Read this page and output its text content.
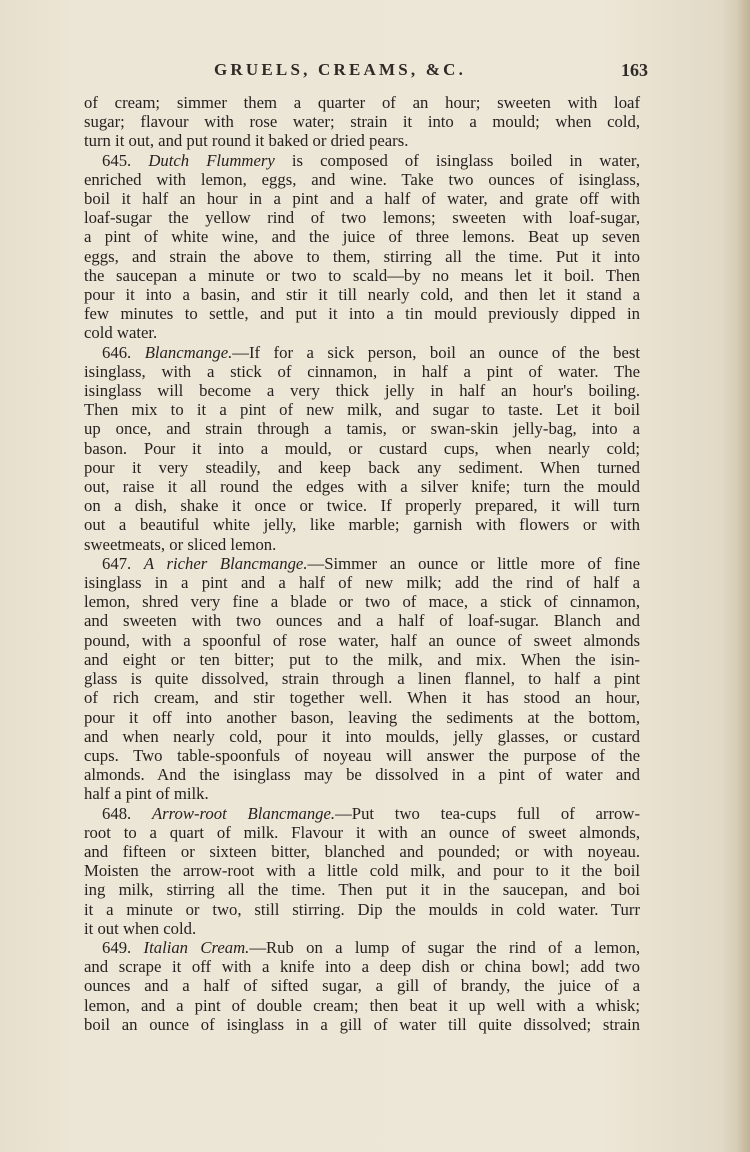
GRUELS, CREAMS, &C.	163
of cream; simmer them a quarter of an hour; sweeten with loaf
sugar; flavour with rose water; strain it into a mould; when cold,
turn it out, and put round it baked or dried pears.
645. Dutch Flummery is composed of isinglass boiled in water,
enriched with lemon, eggs, and wine. Take two ounces of isinglass,
boil it half an hour in a pint and a half of water, and grate off with
loaf-sugar the yellow rind of two lemons; sweeten with loaf-sugar,
a pint of white wine, and the juice of three lemons. Beat up seven
eggs, and strain the above to them, stirring all the time. Put it into
the saucepan a minute or two to scald—by no means let it boil. Then
pour it into a basin, and stir it till nearly cold, and then let it stand a
few minutes to settle, and put it into a tin mould previously dipped in
cold water.
646. Blancmange.—If for a sick person, boil an ounce of the best
isinglass, with a stick of cinnamon, in half a pint of water. The
isinglass will become a very thick jelly in half an hour's boiling.
Then mix to it a pint of new milk, and sugar to taste. Let it boil
up once, and strain through a tamis, or swan-skin jelly-bag, into a
bason. Pour it into a mould, or custard cups, when nearly cold;
pour it very steadily, and keep back any sediment. When turned
out, raise it all round the edges with a silver knife; turn the mould
on a dish, shake it once or twice. If properly prepared, it will turn
out a beautiful white jelly, like marble; garnish with flowers or with
sweetmeats, or sliced lemon.
647. A richer Blancmange.—Simmer an ounce or little more of fine
isinglass in a pint and a half of new milk; add the rind of half a
lemon, shred very fine a blade or two of mace, a stick of cinnamon,
and sweeten with two ounces and a half of loaf-sugar. Blanch and
pound, with a spoonful of rose water, half an ounce of sweet almonds
and eight or ten bitter; put to the milk, and mix. When the isin-
glass is quite dissolved, strain through a linen flannel, to half a pint
of rich cream, and stir together well. When it has stood an hour,
pour it off into another bason, leaving the sediments at the bottom,
and when nearly cold, pour it into moulds, jelly glasses, or custard
cups. Two table-spoonfuls of noyeau will answer the purpose of the
almonds. And the isinglass may be dissolved in a pint of water and
half a pint of milk.
648. Arrow-root Blancmange.—Put two tea-cups full of arrow-
root to a quart of milk. Flavour it with an ounce of sweet almonds,
and fifteen or sixteen bitter, blanched and pounded; or with noyeau.
Moisten the arrow-root with a little cold milk, and pour to it the boil
ing milk, stirring all the time. Then put it in the saucepan, and boi
it a minute or two, still stirring. Dip the moulds in cold water. Turr
it out when cold.
649. Italian Cream.—Rub on a lump of sugar the rind of a lemon,
and scrape it off with a knife into a deep dish or china bowl; add two
ounces and a half of sifted sugar, a gill of brandy, the juice of a
lemon, and a pint of double cream; then beat it up well with a whisk;
boil an ounce of isinglass in a gill of water till quite dissolved; strain
